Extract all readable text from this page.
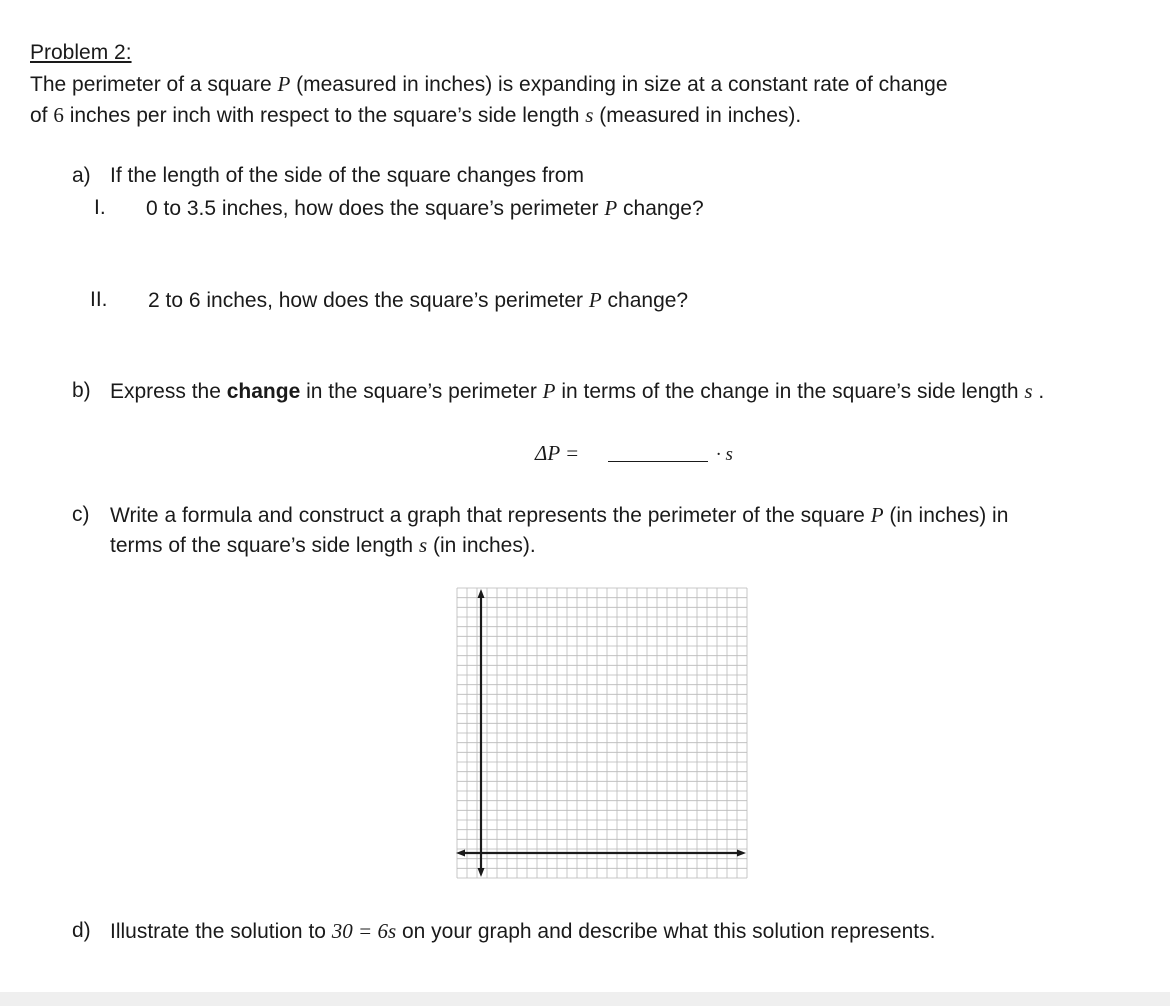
Problem 2:
The perimeter of a square P (measured in inches) is expanding in size at a constant rate of change
of 6 inches per inch with respect to the square’s side length s (measured in inches).
a) If the length of the side of the square changes from
I. 0 to 3.5 inches, how does the square’s perimeter P change?
II. 2 to 6 inches, how does the square’s perimeter P change?
b) Express the change in the square’s perimeter P in terms of the change in the square’s side length s .
ΔP =	· s
c) Write a formula and construct a graph that represents the perimeter of the square P (in inches) in
terms of the square’s side length s (in inches).
d) Illustrate the solution to 30 = 6s on your graph and describe what this solution represents.
